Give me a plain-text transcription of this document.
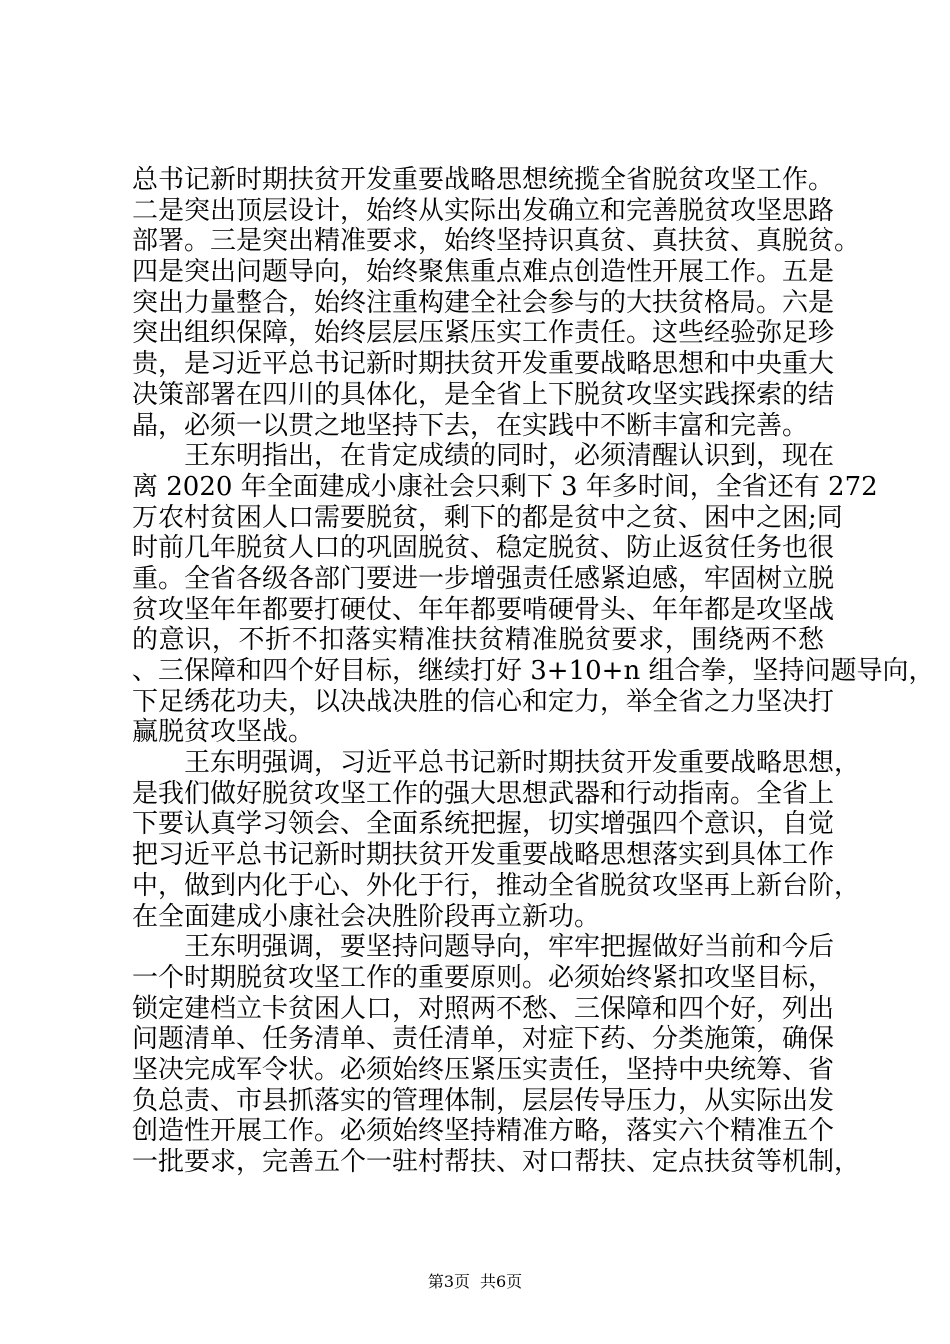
总书记新时期扶贫开发重要战略思想统揽全省脱贫攻坚工作。
二是突出顶层设计，始终从实际出发确立和完善脱贫攻坚思路
部署。三是突出精准要求，始终坚持识真贫、真扶贫、真脱贫。
四是突出问题导向，始终聚焦重点难点创造性开展工作。五是
突出力量整合，始终注重构建全社会参与的大扶贫格局。六是
突出组织保障，始终层层压紧压实工作责任。这些经验弥足珍
贵，是习近平总书记新时期扶贫开发重要战略思想和中央重大
决策部署在四川的具体化，是全省上下脱贫攻坚实践探索的结
晶，必须一以贯之地坚持下去，在实践中不断丰富和完善。
　　王东明指出，在肯定成绩的同时，必须清醒认识到，现在
离 2020 年全面建成小康社会只剩下 3 年多时间，全省还有 272
万农村贫困人口需要脱贫，剩下的都是贫中之贫、困中之困;同
时前几年脱贫人口的巩固脱贫、稳定脱贫、防止返贫任务也很
重。全省各级各部门要进一步增强责任感紧迫感，牢固树立脱
贫攻坚年年都要打硬仗、年年都要啃硬骨头、年年都是攻坚战
的意识，不折不扣落实精准扶贫精准脱贫要求，围绕两不愁
、三保障和四个好目标，继续打好 3+10+n 组合拳，坚持问题导向，
下足绣花功夫，以决战决胜的信心和定力，举全省之力坚决打
赢脱贫攻坚战。
　　王东明强调，习近平总书记新时期扶贫开发重要战略思想，
是我们做好脱贫攻坚工作的强大思想武器和行动指南。全省上
下要认真学习领会、全面系统把握，切实增强四个意识，自觉
把习近平总书记新时期扶贫开发重要战略思想落实到具体工作
中，做到内化于心、外化于行，推动全省脱贫攻坚再上新台阶，
在全面建成小康社会决胜阶段再立新功。
　　王东明强调，要坚持问题导向，牢牢把握做好当前和今后
一个时期脱贫攻坚工作的重要原则。必须始终紧扣攻坚目标，
锁定建档立卡贫困人口，对照两不愁、三保障和四个好，列出
问题清单、任务清单、责任清单，对症下药、分类施策，确保
坚决完成军令状。必须始终压紧压实责任，坚持中央统筹、省
负总责、市县抓落实的管理体制，层层传导压力，从实际出发
创造性开展工作。必须始终坚持精准方略，落实六个精准五个
一批要求，完善五个一驻村帮扶、对口帮扶、定点扶贫等机制，
第3页 共6页
